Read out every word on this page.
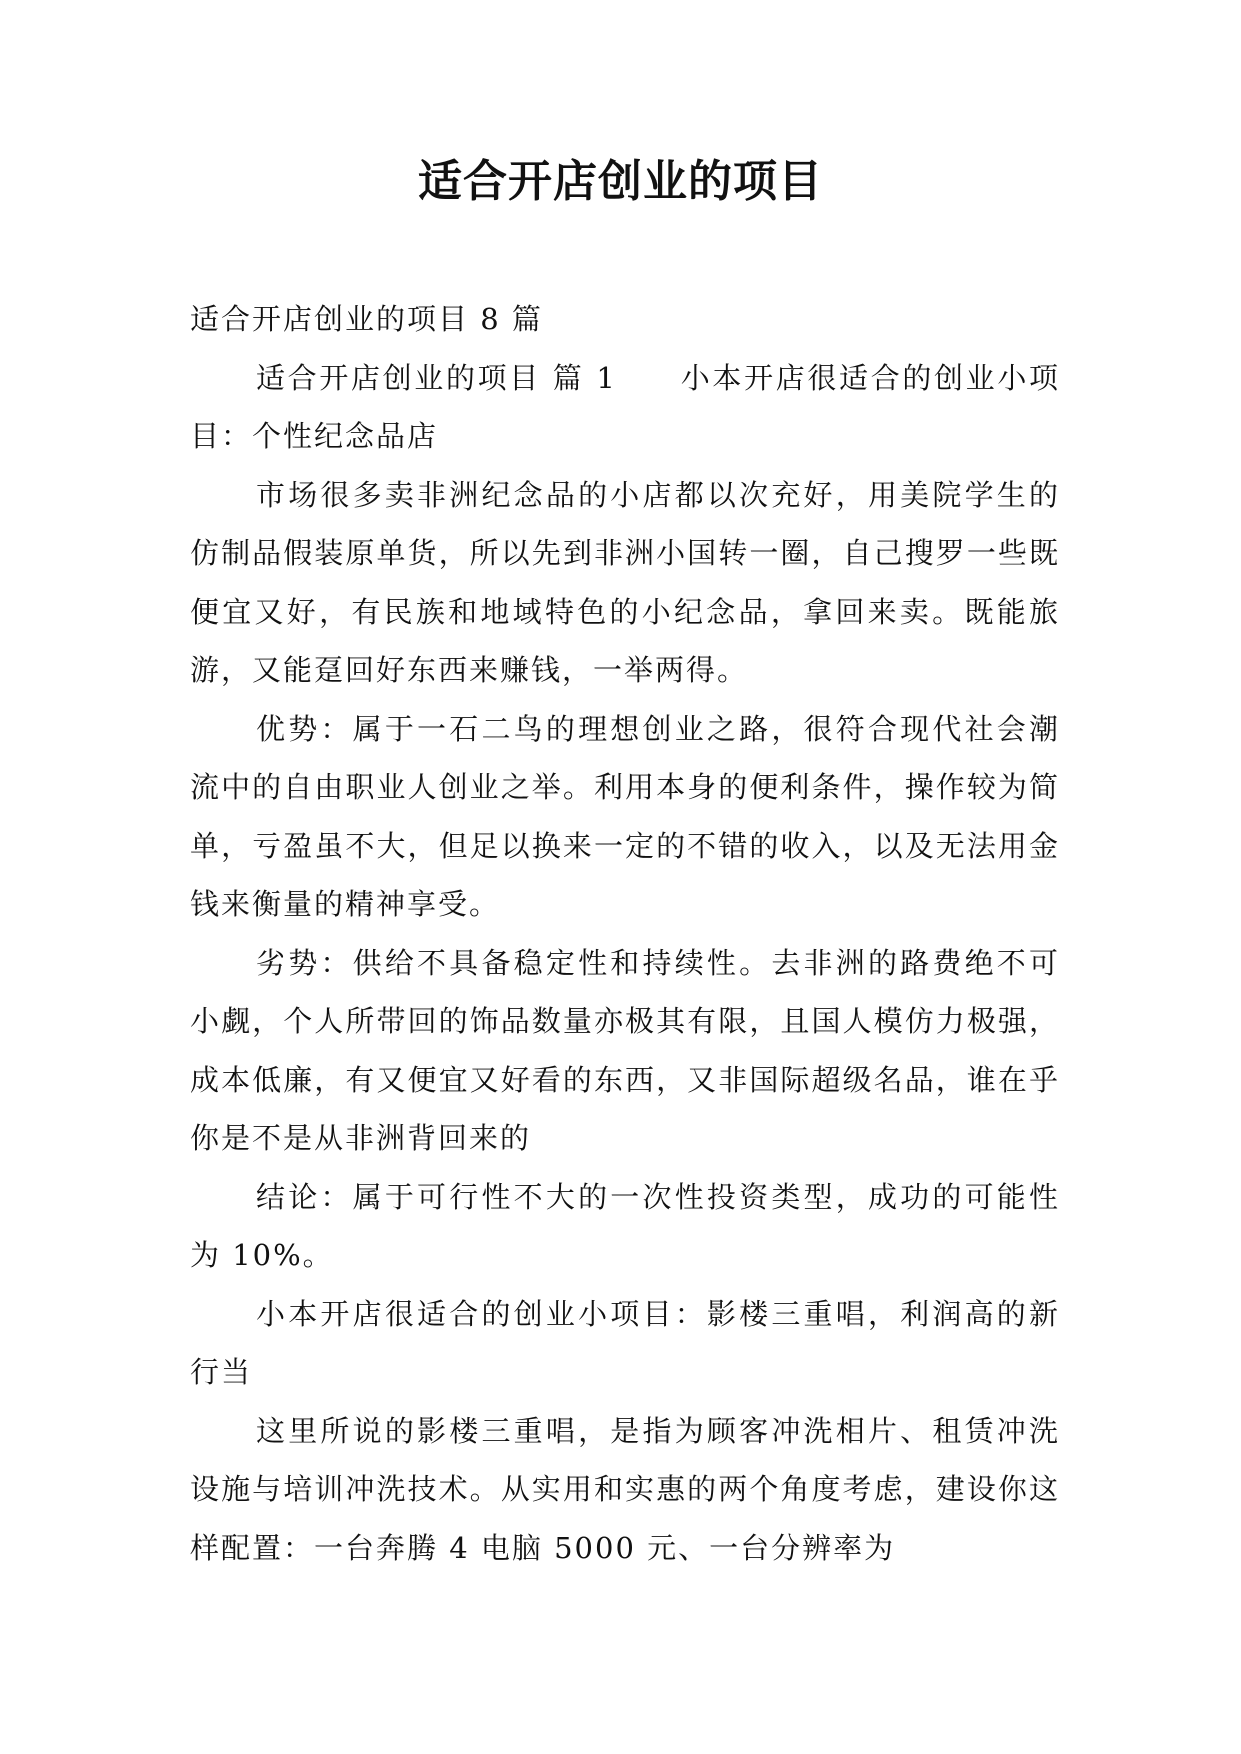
适合开店创业的项目

适合开店创业的项目 8 篇

适合开店创业的项目 篇 1　　小本开店很适合的创业小项目：个性纪念品店

市场很多卖非洲纪念品的小店都以次充好，用美院学生的仿制品假装原单货，所以先到非洲小国转一圈，自己搜罗一些既便宜又好，有民族和地域特色的小纪念品，拿回来卖。既能旅游，又能趸回好东西来赚钱，一举两得。

优势：属于一石二鸟的理想创业之路，很符合现代社会潮流中的自由职业人创业之举。利用本身的便利条件，操作较为简单，亏盈虽不大，但足以换来一定的不错的收入，以及无法用金钱来衡量的精神享受。

劣势：供给不具备稳定性和持续性。去非洲的路费绝不可小觑，个人所带回的饰品数量亦极其有限，且国人模仿力极强，成本低廉，有又便宜又好看的东西，又非国际超级名品，谁在乎你是不是从非洲背回来的

结论：属于可行性不大的一次性投资类型，成功的可能性为 10%。

小本开店很适合的创业小项目：影楼三重唱，利润高的新行当

这里所说的影楼三重唱，是指为顾客冲洗相片、租赁冲洗设施与培训冲洗技术。从实用和实惠的两个角度考虑，建设你这样配置：一台奔腾 4 电脑 5000 元、一台分辨率为
